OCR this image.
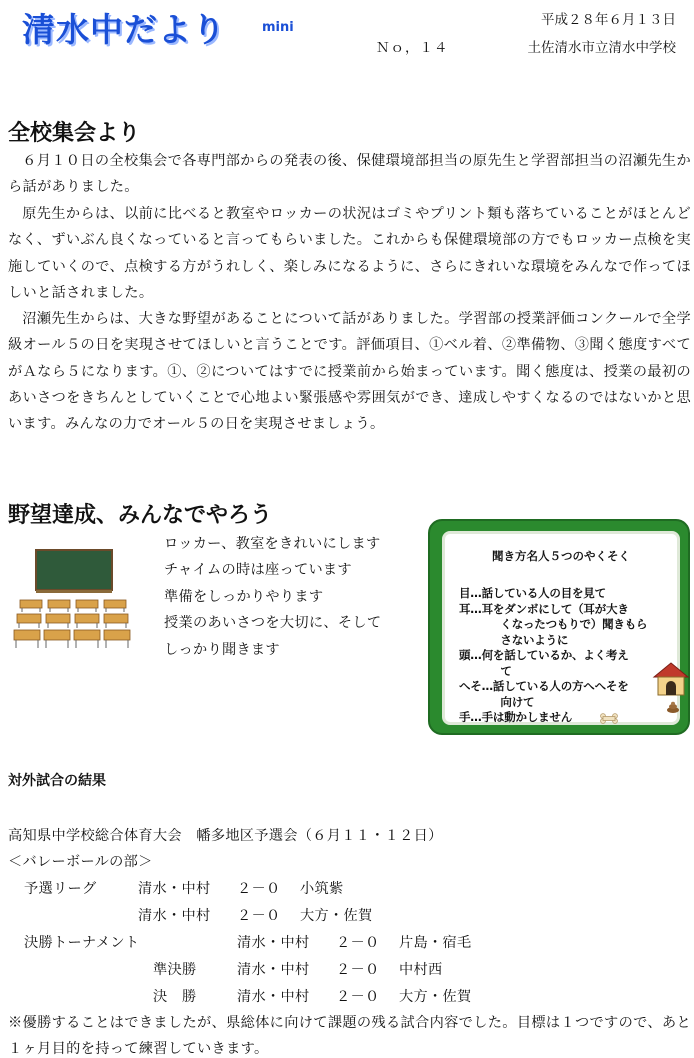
清水中だより	mini	平成２８年６月１３日
Ｎｏ，１４	土佐清水市立清水中学校
全校集会より
６月１０日の全校集会で各専門部からの発表の後、保健環境部担当の原先生と学習部担当の沼瀬先生から話がありました。
原先生からは、以前に比べると教室やロッカーの状況はゴミやプリント類も落ちていることがほとんどなく、ずいぶん良くなっていると言ってもらいました。これからも保健環境部の方でもロッカー点検を実施していくので、点検する方がうれしく、楽しみになるように、さらにきれいな環境をみんなで作ってほしいと話されました。
沼瀬先生からは、大きな野望があることについて話がありました。学習部の授業評価コンクールで全学級オール５の日を実現させてほしいと言うことです。評価項目、①ベル着、②準備物、③聞く態度すべてがＡなら５になります。①、②についてはすでに授業前から始まっています。聞く態度は、授業の最初のあいさつをきちんとしていくことで心地よい緊張感や雰囲気ができ、達成しやすくなるのではないかと思います。みんなの力でオール５の日を実現させましょう。
野望達成、みんなでやろう
ロッカー、教室をきれいにします
チャイムの時は座っています
準備をしっかりやります
授業のあいさつを大切に、そして
しっかり聞きます
聞き方名人５つのやくそく
目…話している人の目を見て
耳…耳をダンボにして（耳が大き
くなったつもりで）聞きもら
さないように
頭…何を話しているか、よく考え
て
へそ…話している人の方へへそを
向けて
手…手は動かしません
対外試合の結果
高知県中学校総合体育大会　幡多地区予選会（６月１１・１２日）
＜バレーボールの部＞
予選リーグ	清水・中村 ２－０ 小筑紫
清水・中村 ２－０ 大方・佐賀
決勝トーナメント	清水・中村 ２－０ 片島・宿毛
準決勝	清水・中村 ２－０ 中村西
決　勝	清水・中村 ２－０ 大方・佐賀
※優勝することはできましたが、県総体に向けて課題の残る試合内容でした。目標は１つですので、あと１ヶ月目的を持って練習していきます。
